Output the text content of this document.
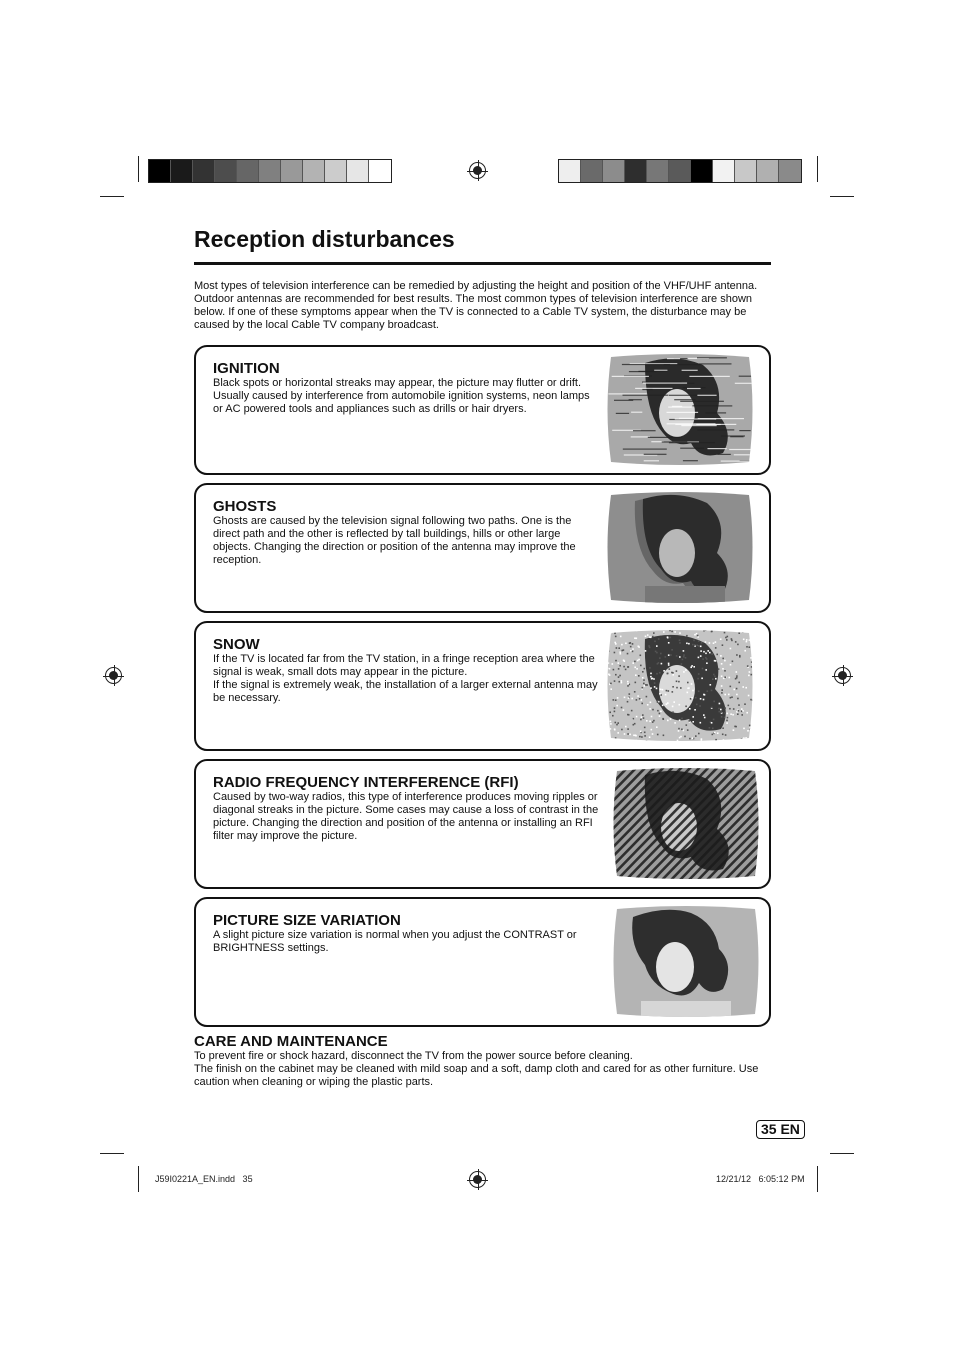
Reception disturbances
Most types of television interference can be remedied by adjusting the height and position of the VHF/UHF antenna. Outdoor antennas are recommended for best results. The most common types of television interference are shown below. If one of these symptoms appear when the TV is connected to a Cable TV system, the disturbance may be caused by the local Cable TV company broadcast.
IGNITION
Black spots or horizontal streaks may appear, the picture may flutter or drift. Usually caused by interference from automobile ignition systems, neon lamps or AC powered tools and appliances such as drills or hair dryers.
GHOSTS
Ghosts are caused by the television signal following two paths. One is the direct path and the other is reflected by tall buildings, hills or other large objects. Changing the direction or position of the antenna may improve the reception.
SNOW
If the TV is located far from the TV station, in a fringe reception area where the signal is weak, small dots may appear in the picture.
If the signal is extremely weak, the installation of a larger external antenna may be necessary.
RADIO FREQUENCY INTERFERENCE (RFI)
Caused by two-way radios, this type of interference produces moving ripples or diagonal streaks in the picture. Some cases may cause a loss of contrast in the picture. Changing the direction and position of the antenna or installing an RFI filter may improve the picture.
PICTURE SIZE VARIATION
A slight picture size variation is normal when you adjust the CONTRAST or BRIGHTNESS settings.
CARE AND MAINTENANCE

To prevent fire or shock hazard, disconnect the TV from the power source before cleaning.

The finish on the cabinet may be cleaned with mild soap and a soft, damp cloth and cared for as other furniture. Use caution when cleaning or wiping the plastic parts.

35 EN
J59I0221A_EN.indd   35	12/21/12   6:05:12 PM
